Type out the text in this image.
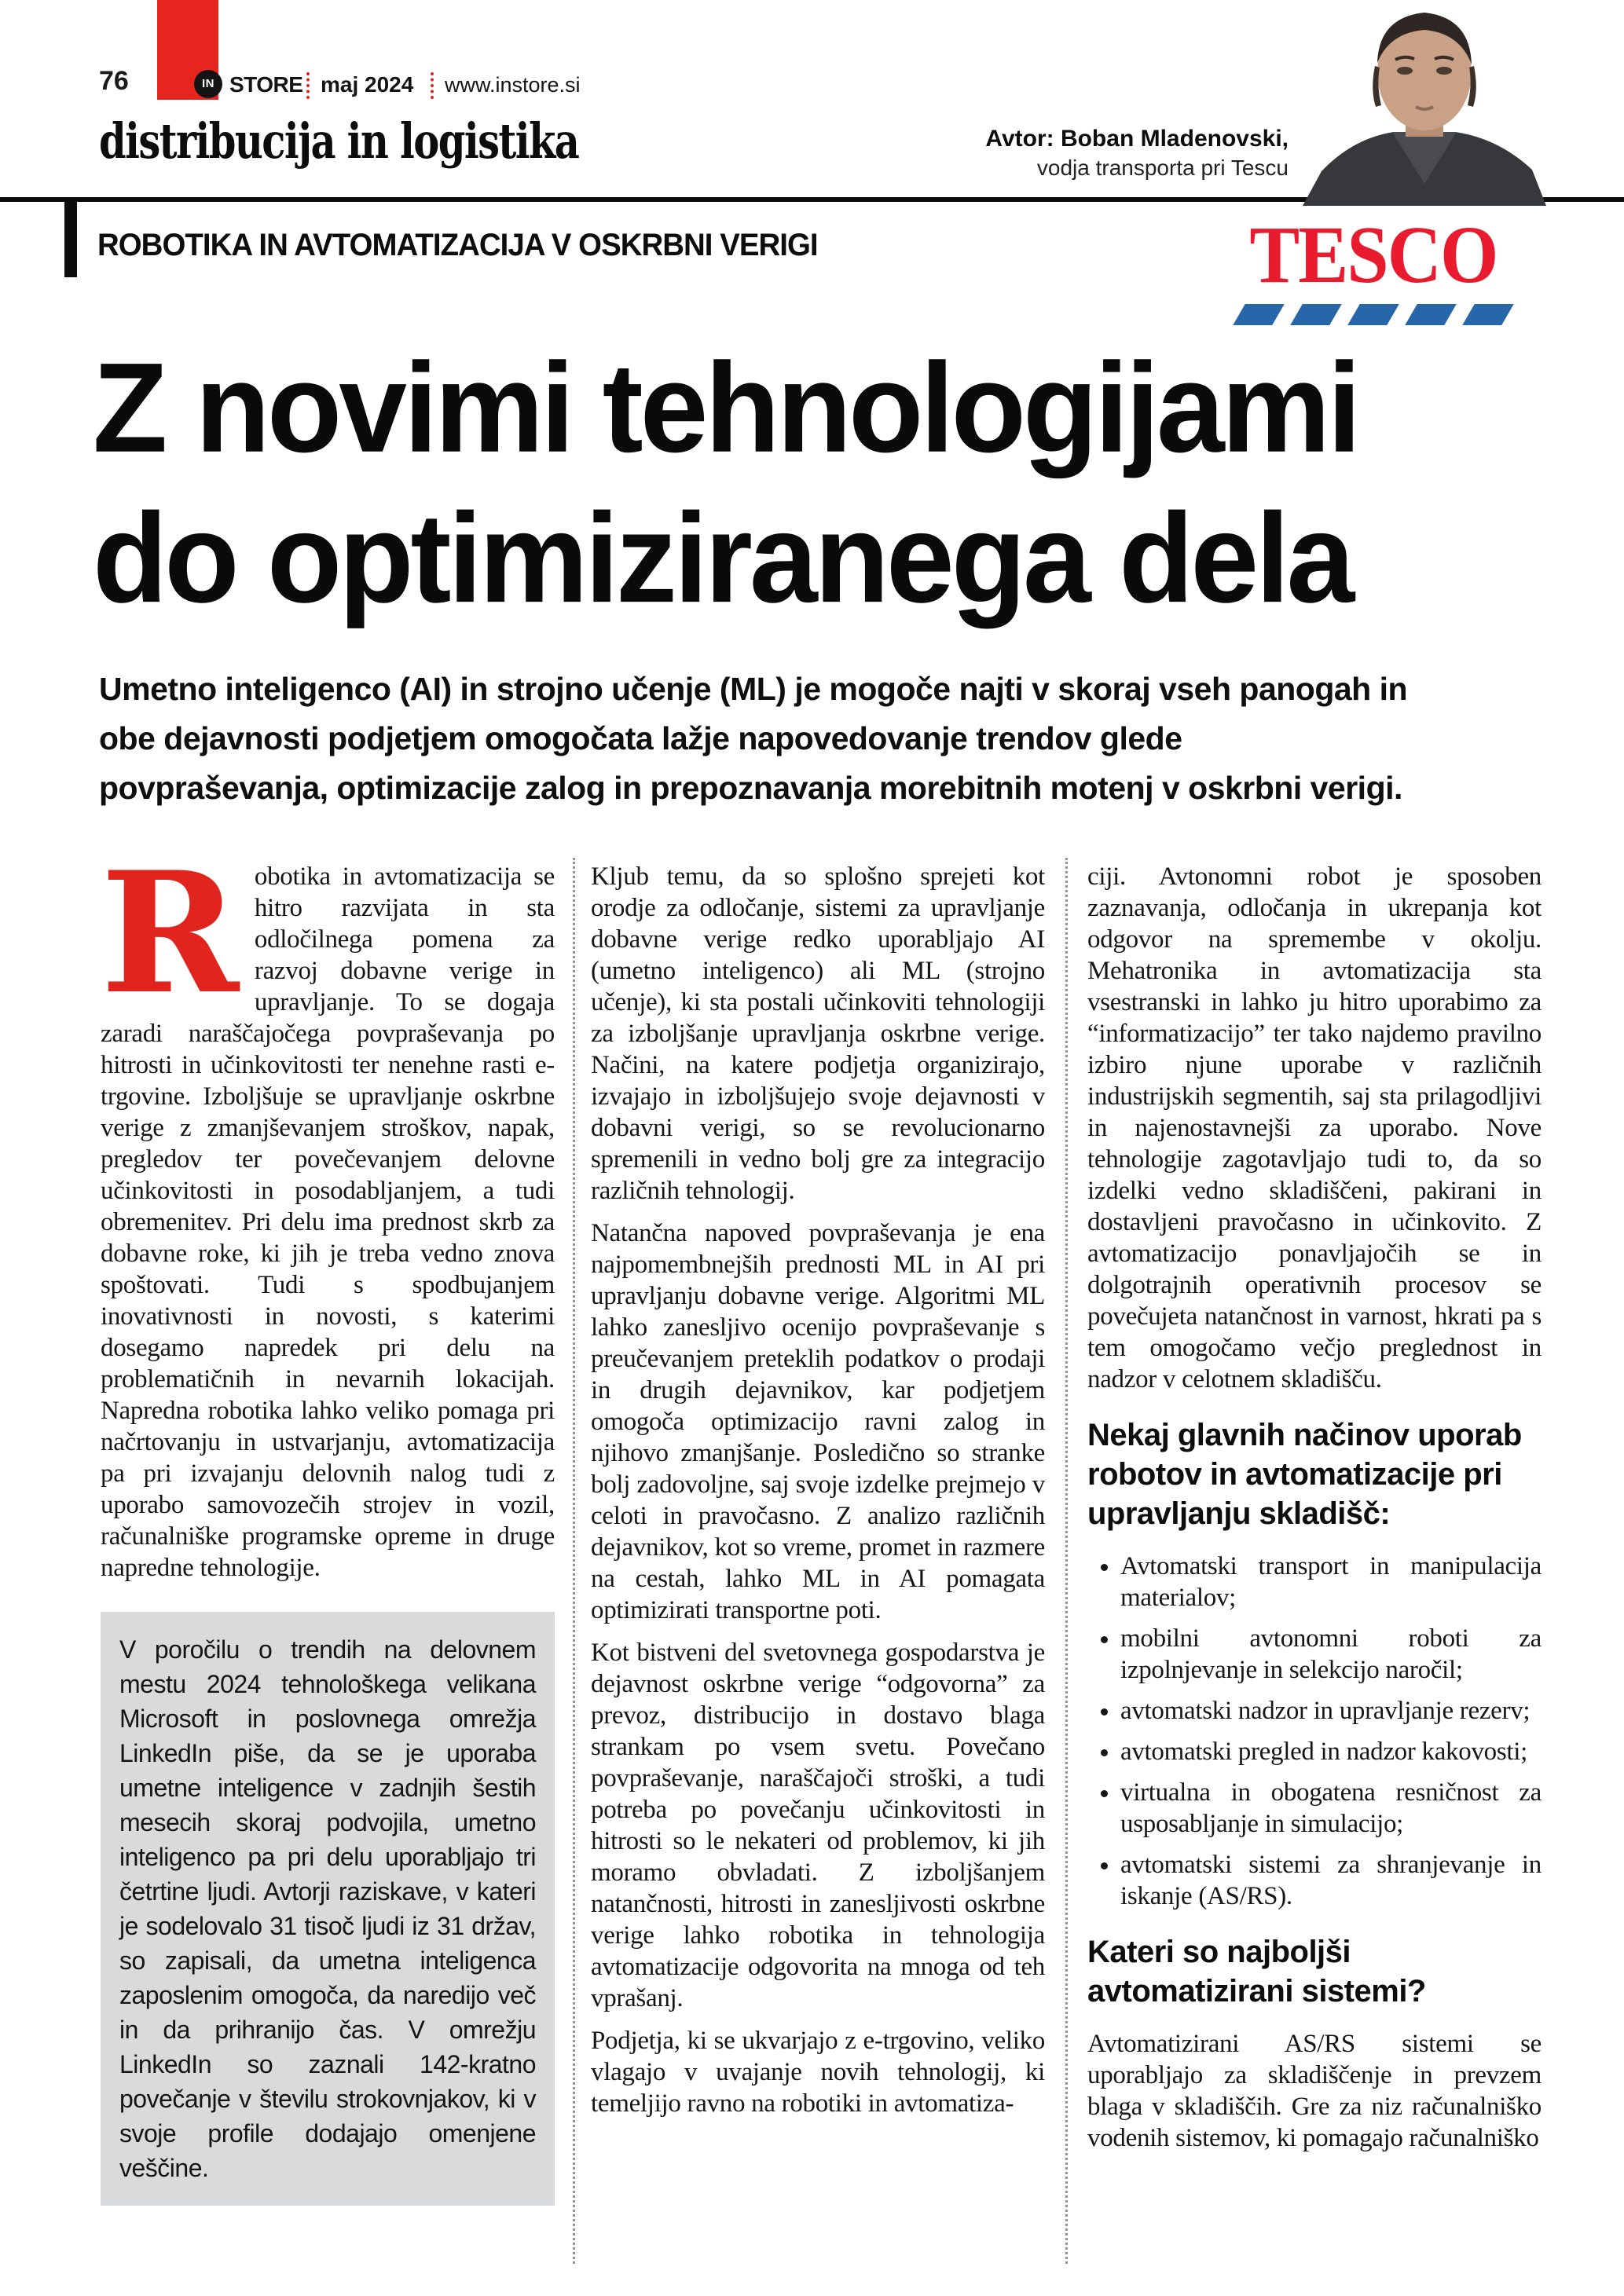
76	IN STORE maj 2024 www.instore.si
distribucija in logistika	Avtor: Boban Mladenovski,
vodja transporta pri Tescu
ROBOTIKA IN AVTOMATIZACIJA V OSKRBNI VERIGI	TESCO
Z novimi tehnologijami
do optimiziranega dela
Umetno inteligenco (AI) in strojno učenje (ML) je mogoče najti v skoraj vseh panogah in obe dejavnosti podjetjem omogočata lažje napovedovanje trendov glede povpraševanja, optimizacije zalog in prepoznavanja morebitnih motenj v oskrbni verigi.

Robotika in avtomatizacija se hitro razvijata in sta odločilnega pomena za razvoj dobavne verige in upravljanje. To se dogaja zaradi naraščajočega povpraševanja po hitrosti in učinkovitosti ter nenehne rasti e-trgovine. Izboljšuje se upravljanje oskrbne verige z zmanjševanjem stroškov, napak, pregledov ter povečevanjem delovne učinkovitosti in posodabljanjem, a tudi obremenitev. Pri delu ima prednost skrb za dobavne roke, ki jih je treba vedno znova spoštovati. Tudi s spodbujanjem inovativnosti in novosti, s katerimi dosegamo napredek pri delu na problematičnih in nevarnih lokacijah. Napredna robotika lahko veliko pomaga pri načrtovanju in ustvarjanju, avtomatizacija pa pri izvajanju delovnih nalog tudi z uporabo samovozečih strojev in vozil, računalniške programske opreme in druge napredne tehnologije.

V poročilu o trendih na delovnem mestu 2024 tehnološkega velikana Microsoft in poslovnega omrežja LinkedIn piše, da se je uporaba umetne inteligence v zadnjih šestih mesecih skoraj podvojila, umetno inteligenco pa pri delu uporabljajo tri četrtine ljudi. Avtorji raziskave, v kateri je sodelovalo 31 tisoč ljudi iz 31 držav, so zapisali, da umetna inteligenca zaposlenim omogoča, da naredijo več in da prihranijo čas. V omrežju LinkedIn so zaznali 142-kratno povečanje v številu strokovnjakov, ki v svoje profile dodajajo omenjene veščine.

Kljub temu, da so splošno sprejeti kot orodje za odločanje, sistemi za upravljanje dobavne verige redko uporabljajo AI (umetno inteligenco) ali ML (strojno učenje), ki sta postali učinkoviti tehnologiji za izboljšanje upravljanja oskrbne verige. Načini, na katere podjetja organizirajo, izvajajo in izboljšujejo svoje dejavnosti v dobavni verigi, so se revolucionarno spremenili in vedno bolj gre za integracijo različnih tehnologij.

Natančna napoved povpraševanja je ena najpomembnejših prednosti ML in AI pri upravljanju dobavne verige. Algoritmi ML lahko zanesljivo ocenijo povpraševanje s preučevanjem preteklih podatkov o prodaji in drugih dejavnikov, kar podjetjem omogoča optimizacijo ravni zalog in njihovo zmanjšanje. Posledično so stranke bolj zadovoljne, saj svoje izdelke prejmejo v celoti in pravočasno. Z analizo različnih dejavnikov, kot so vreme, promet in razmere na cestah, lahko ML in AI pomagata optimizirati transportne poti.

Kot bistveni del svetovnega gospodarstva je dejavnost oskrbne verige “odgovorna” za prevoz, distribucijo in dostavo blaga strankam po vsem svetu. Povečano povpraševanje, naraščajoči stroški, a tudi potreba po povečanju učinkovitosti in hitrosti so le nekateri od problemov, ki jih moramo obvladati. Z izboljšanjem natančnosti, hitrosti in zanesljivosti oskrbne verige lahko robotika in tehnologija avtomatizacije odgovorita na mnoga od teh vprašanj.

Podjetja, ki se ukvarjajo z e-trgovino, veliko vlagajo v uvajanje novih tehnologij, ki temeljijo ravno na robotiki in avtomatiza-

ciji. Avtonomni robot je sposoben zaznavanja, odločanja in ukrepanja kot odgovor na spremembe v okolju. Mehatronika in avtomatizacija sta vsestranski in lahko ju hitro uporabimo za “informatizacijo” ter tako najdemo pravilno izbiro njune uporabe v različnih industrijskih segmentih, saj sta prilagodljivi in najenostavnejši za uporabo. Nove tehnologije zagotavljajo tudi to, da so izdelki vedno skladiščeni, pakirani in dostavljeni pravočasno in učinkovito. Z avtomatizacijo ponavljajočih se in dolgotrajnih operativnih procesov se povečujeta natančnost in varnost, hkrati pa s tem omogočamo večjo preglednost in nadzor v celotnem skladišču.

Nekaj glavnih načinov uporab robotov in avtomatizacije pri upravljanju skladišč:
• Avtomatski transport in manipulacija materialov;
• mobilni avtonomni roboti za izpolnjevanje in selekcijo naročil;
• avtomatski nadzor in upravljanje rezerv;
• avtomatski pregled in nadzor kakovosti;
• virtualna in obogatena resničnost za usposabljanje in simulacijo;
• avtomatski sistemi za shranjevanje in iskanje (AS/RS).
Kateri so najboljši avtomatizirani sistemi?

Avtomatizirani AS/RS sistemi se uporabljajo za skladiščenje in prevzem blaga v skladiščih. Gre za niz računalniško vodenih sistemov, ki pomagajo računalniško
